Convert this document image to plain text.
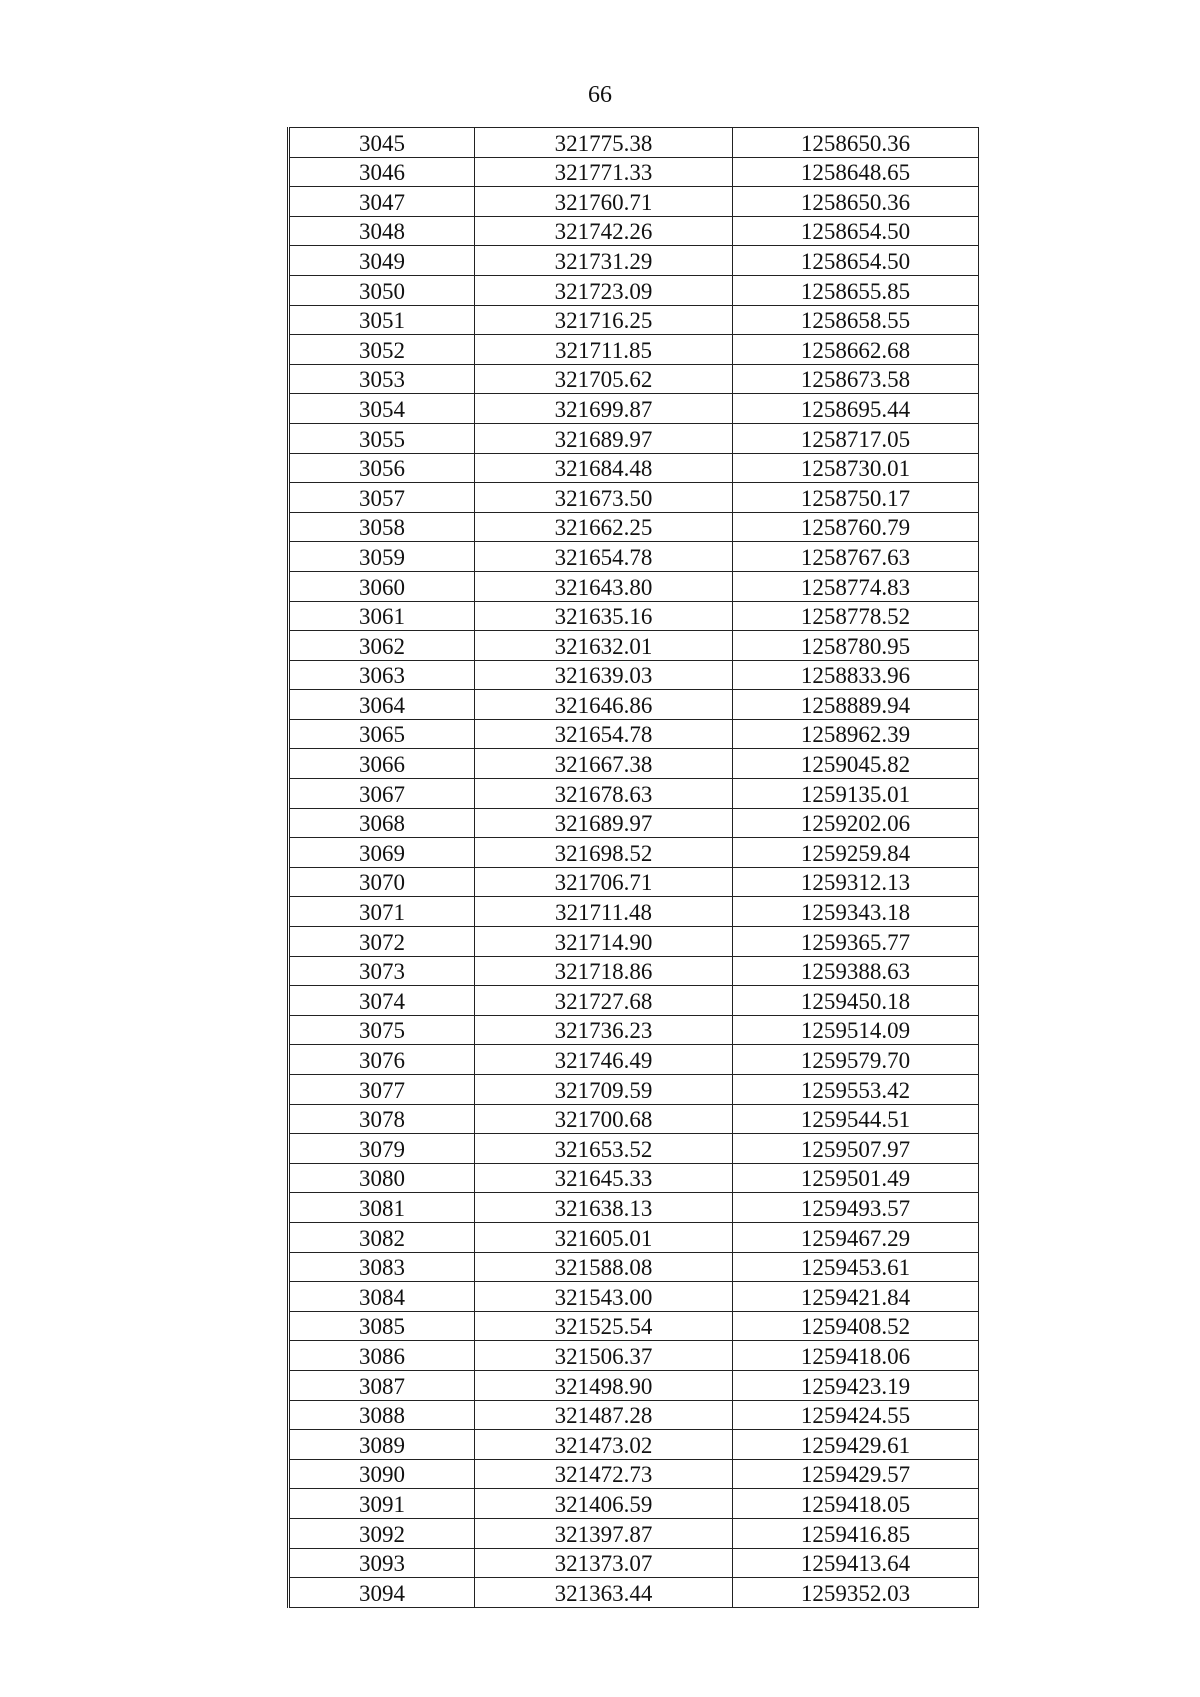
66
3045	321775.38	1258650.36
3046	321771.33	1258648.65
3047	321760.71	1258650.36
3048	321742.26	1258654.50
3049	321731.29	1258654.50
3050	321723.09	1258655.85
3051	321716.25	1258658.55
3052	321711.85	1258662.68
3053	321705.62	1258673.58
3054	321699.87	1258695.44
3055	321689.97	1258717.05
3056	321684.48	1258730.01
3057	321673.50	1258750.17
3058	321662.25	1258760.79
3059	321654.78	1258767.63
3060	321643.80	1258774.83
3061	321635.16	1258778.52
3062	321632.01	1258780.95
3063	321639.03	1258833.96
3064	321646.86	1258889.94
3065	321654.78	1258962.39
3066	321667.38	1259045.82
3067	321678.63	1259135.01
3068	321689.97	1259202.06
3069	321698.52	1259259.84
3070	321706.71	1259312.13
3071	321711.48	1259343.18
3072	321714.90	1259365.77
3073	321718.86	1259388.63
3074	321727.68	1259450.18
3075	321736.23	1259514.09
3076	321746.49	1259579.70
3077	321709.59	1259553.42
3078	321700.68	1259544.51
3079	321653.52	1259507.97
3080	321645.33	1259501.49
3081	321638.13	1259493.57
3082	321605.01	1259467.29
3083	321588.08	1259453.61
3084	321543.00	1259421.84
3085	321525.54	1259408.52
3086	321506.37	1259418.06
3087	321498.90	1259423.19
3088	321487.28	1259424.55
3089	321473.02	1259429.61
3090	321472.73	1259429.57
3091	321406.59	1259418.05
3092	321397.87	1259416.85
3093	321373.07	1259413.64
3094	321363.44	1259352.03
